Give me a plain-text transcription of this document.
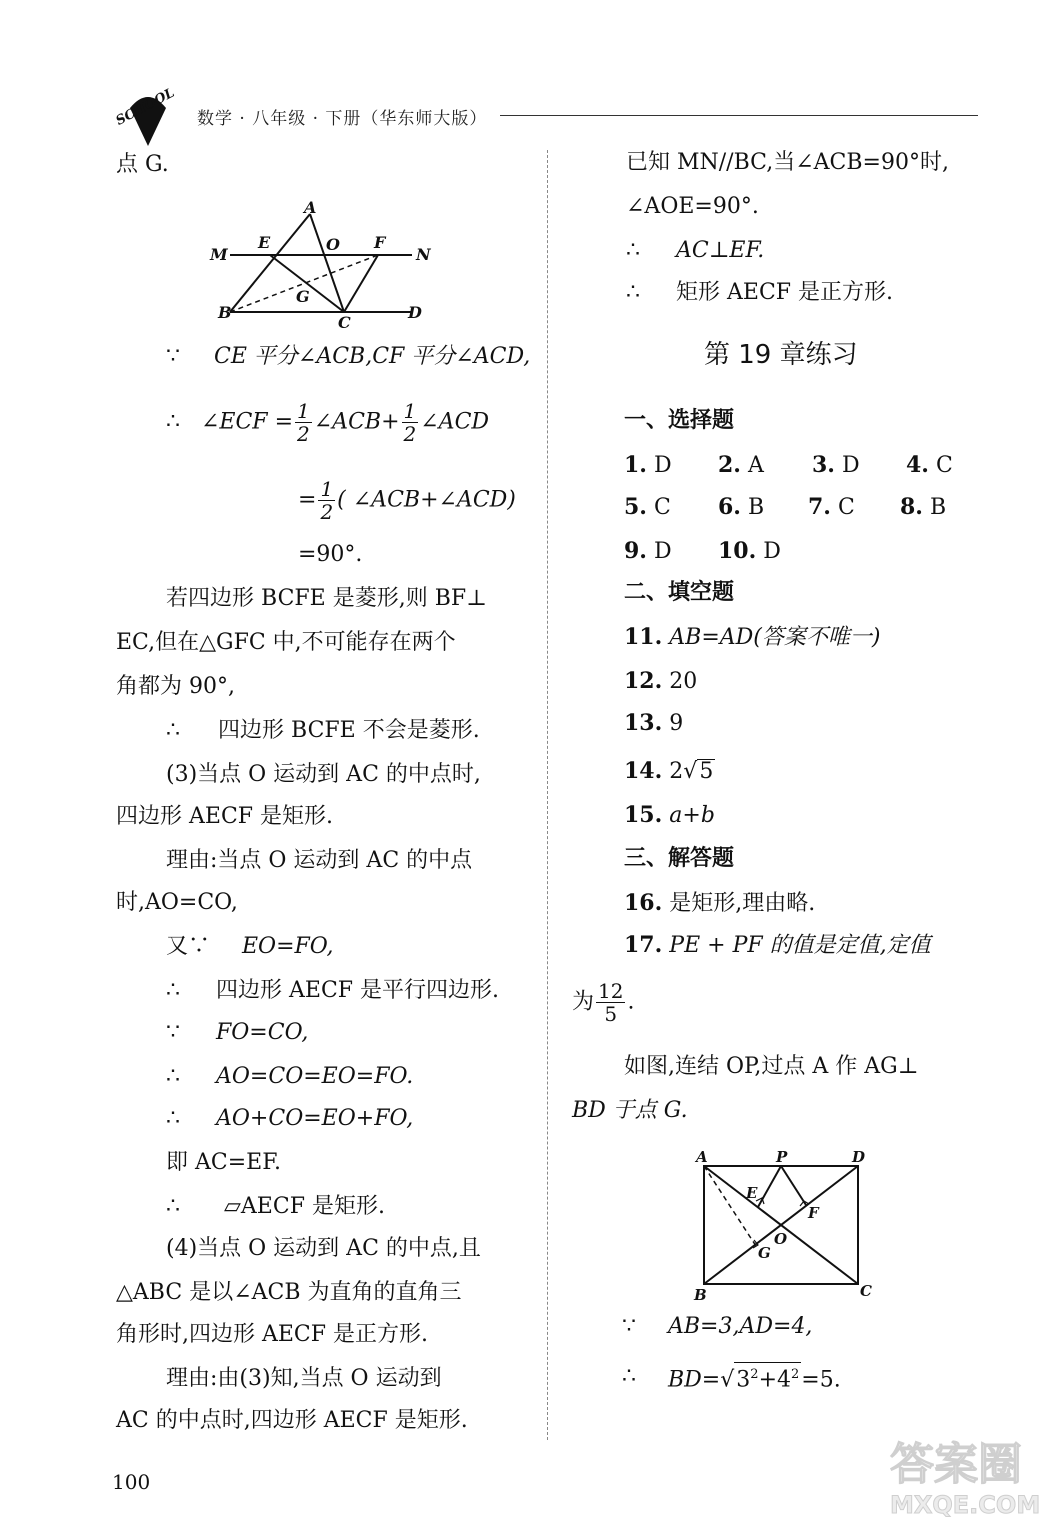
SCHOOL 数学 · 八年级 · 下册（华东师大版）
点 G.
A
M
E	O F
N
G
B
C
D
∵ CE 平分∠ACB,CF 平分∠ACD,
∴ ∠ECF = $\frac{1}{2}$ ∠ACB+ $\frac{1}{2}$ ∠ACD
= $\frac{1}{2}$ ( ∠ACB+∠ACD)
=90°.
若四边形 BCFE 是菱形,则 BF⊥
EC,但在△GFC 中,不可能存在两个
角都为 90°,
∴ 四边形 BCFE 不会是菱形.
(3)当点 O 运动到 AC 的中点时,
四边形 AECF 是矩形.
理由:当点 O 运动到 AC 的中点
时,AO=CO,
又∵ EO=FO,
∴ 四边形 AECF 是平行四边形.
∵ FO=CO,
∴ AO=CO=EO=FO.
∴ AO+CO=EO+FO,
即 AC=EF.
∴ ▱AECF 是矩形.
(4)当点 O 运动到 AC 的中点,且
△ABC 是以∠ACB 为直角的直角三
角形时,四边形 AECF 是正方形.
理由:由(3)知,当点 O 运动到
AC 的中点时,四边形 AECF 是矩形.
已知 MN//BC,当∠ACB=90°时,
∠AOE=90°.
∴ AC⊥EF.
∴ 矩形 AECF 是正方形.
第 19 章练习
一、选择题
1. D 2. A 3. D 4. C
5. C 6. B 7. C 8. B
9. D 10. D
二、填空题
11. AB=AD(答案不唯一)
12. 20
13. 9
14. 2√5
15. a+b
三、解答题
16. 是矩形,理由略.
17. PE + PF 的值是定值,定值
为 $\frac{12}{5}$ .
如图,连结 OP,过点 A 作 AG⊥
BD 于点 G.
A	P	D
E
F
O
G
B	C
∵ AB=3,AD=4,
∴ $BD=√3^2+4^2=5$.
100	答案圈
MXQE.COM
